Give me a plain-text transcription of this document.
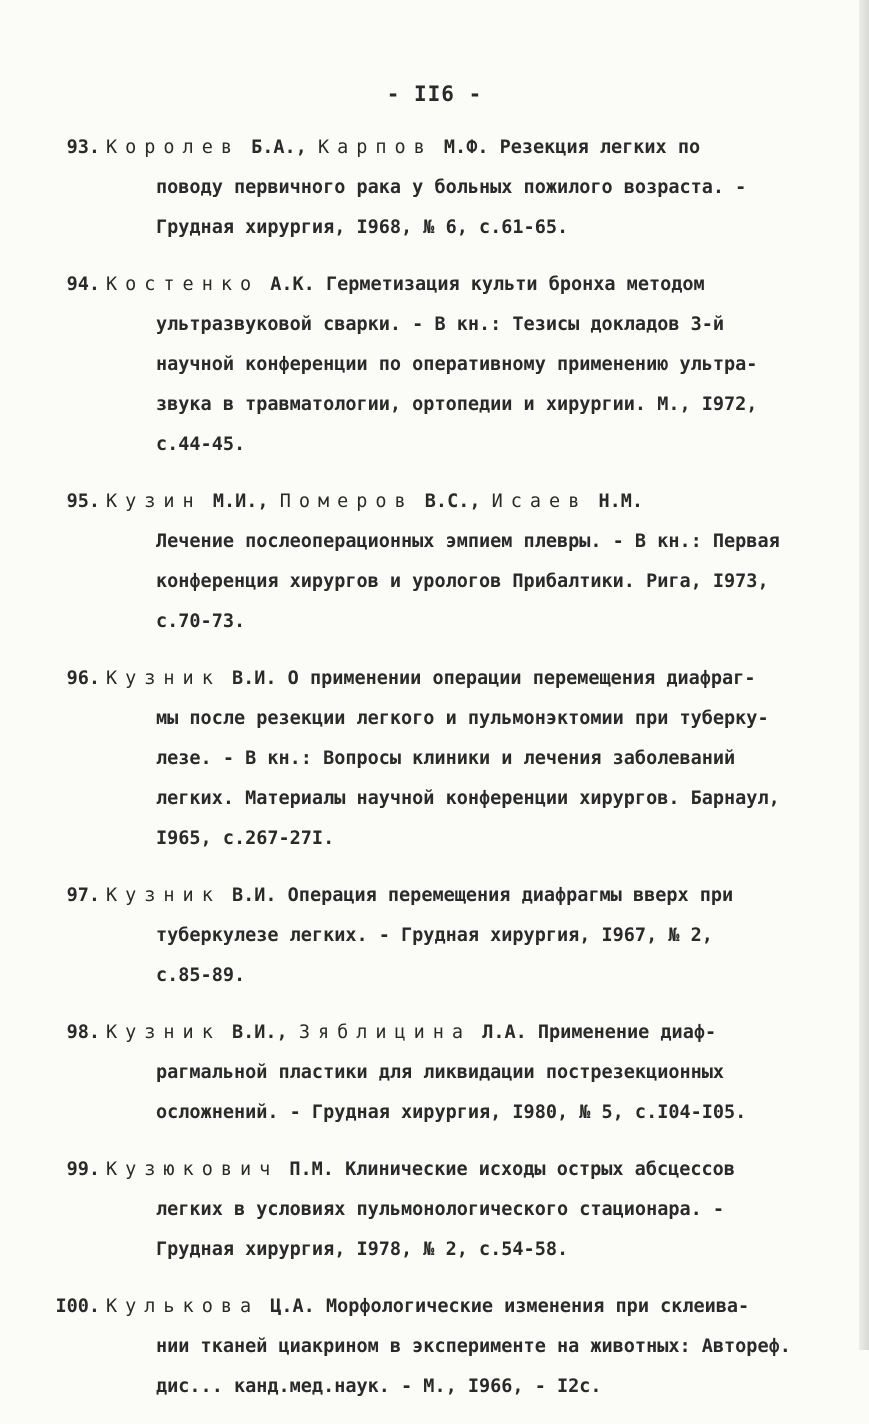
- II6 -
93. Королев Б.А., Карпов М.Ф. Резекция легких по
поводу первичного рака у больных пожилого возраста. -
Грудная хирургия, I968, № 6, с.61-65.
94. Костенко А.К. Герметизация культи бронха методом
ультразвуковой сварки. - В кн.: Тезисы докладов 3-й
научной конференции по оперативному применению ультра-
звука в травматологии, ортопедии и хирургии. М., I972,
с.44-45.
95. Кузин М.И., Померов В.С., Исаев Н.М.
Лечение послеоперационных эмпием плевры. - В кн.: Первая
конференция хирургов и урологов Прибалтики. Рига, I973,
с.70-73.
96. Кузник В.И. О применении операции перемещения диафраг-
мы после резекции легкого и пульмонэктомии при туберку-
лезе. - В кн.: Вопросы клиники и лечения заболеваний
легких. Материалы научной конференции хирургов. Барнаул,
I965, с.267-27I.
97. Кузник В.И. Операция перемещения диафрагмы вверх при
туберкулезе легких. - Грудная хирургия, I967, № 2,
с.85-89.
98. Кузник В.И., Зяблицина Л.А. Применение диаф-
рагмальной пластики для ликвидации пострезекционных
осложнений. - Грудная хирургия, I980, № 5, с.I04-I05.
99. Кузюкович П.М. Клинические исходы острых абсцессов
легких в условиях пульмонологического стационара. -
Грудная хирургия, I978, № 2, с.54-58.
I00. Кулькова Ц.А. Морфологические изменения при склеива-
нии тканей циакрином в эксперименте на животных: Автореф.
дис... канд.мед.наук. - М., I966, - I2с.
